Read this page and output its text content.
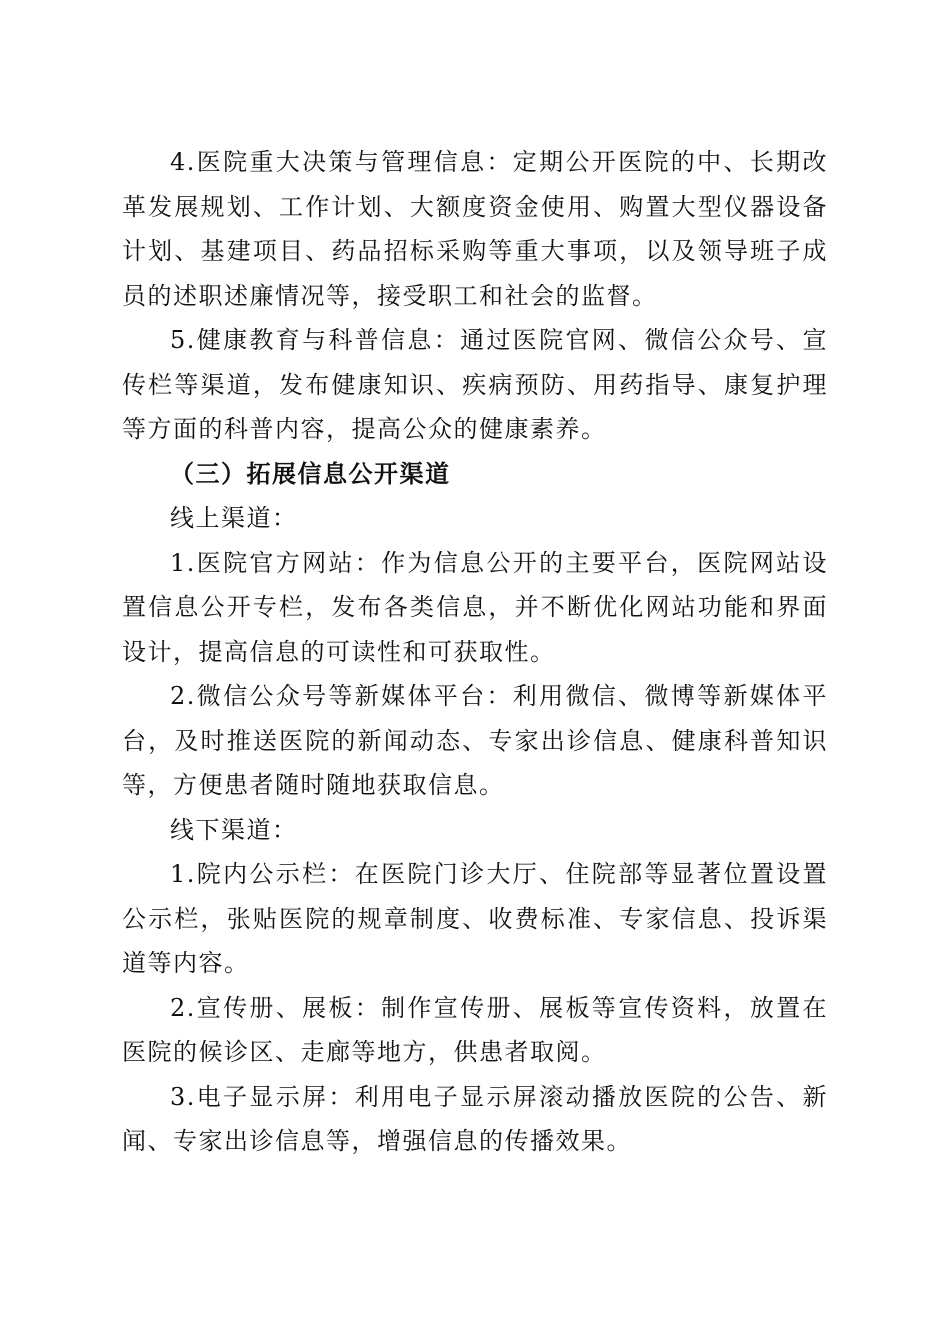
4.医院重大决策与管理信息：定期公开医院的中、长期改革发展规划、工作计划、大额度资金使用、购置大型仪器设备计划、基建项目、药品招标采购等重大事项，以及领导班子成员的述职述廉情况等，接受职工和社会的监督。

5.健康教育与科普信息：通过医院官网、微信公众号、宣传栏等渠道，发布健康知识、疾病预防、用药指导、康复护理等方面的科普内容，提高公众的健康素养。

（三）拓展信息公开渠道

线上渠道：

1.医院官方网站：作为信息公开的主要平台，医院网站设置信息公开专栏，发布各类信息，并不断优化网站功能和界面设计，提高信息的可读性和可获取性。

2.微信公众号等新媒体平台：利用微信、微博等新媒体平台，及时推送医院的新闻动态、专家出诊信息、健康科普知识等，方便患者随时随地获取信息。

线下渠道：

1.院内公示栏：在医院门诊大厅、住院部等显著位置设置公示栏，张贴医院的规章制度、收费标准、专家信息、投诉渠道等内容。

2.宣传册、展板：制作宣传册、展板等宣传资料，放置在医院的候诊区、走廊等地方，供患者取阅。

3.电子显示屏：利用电子显示屏滚动播放医院的公告、新闻、专家出诊信息等，增强信息的传播效果。
